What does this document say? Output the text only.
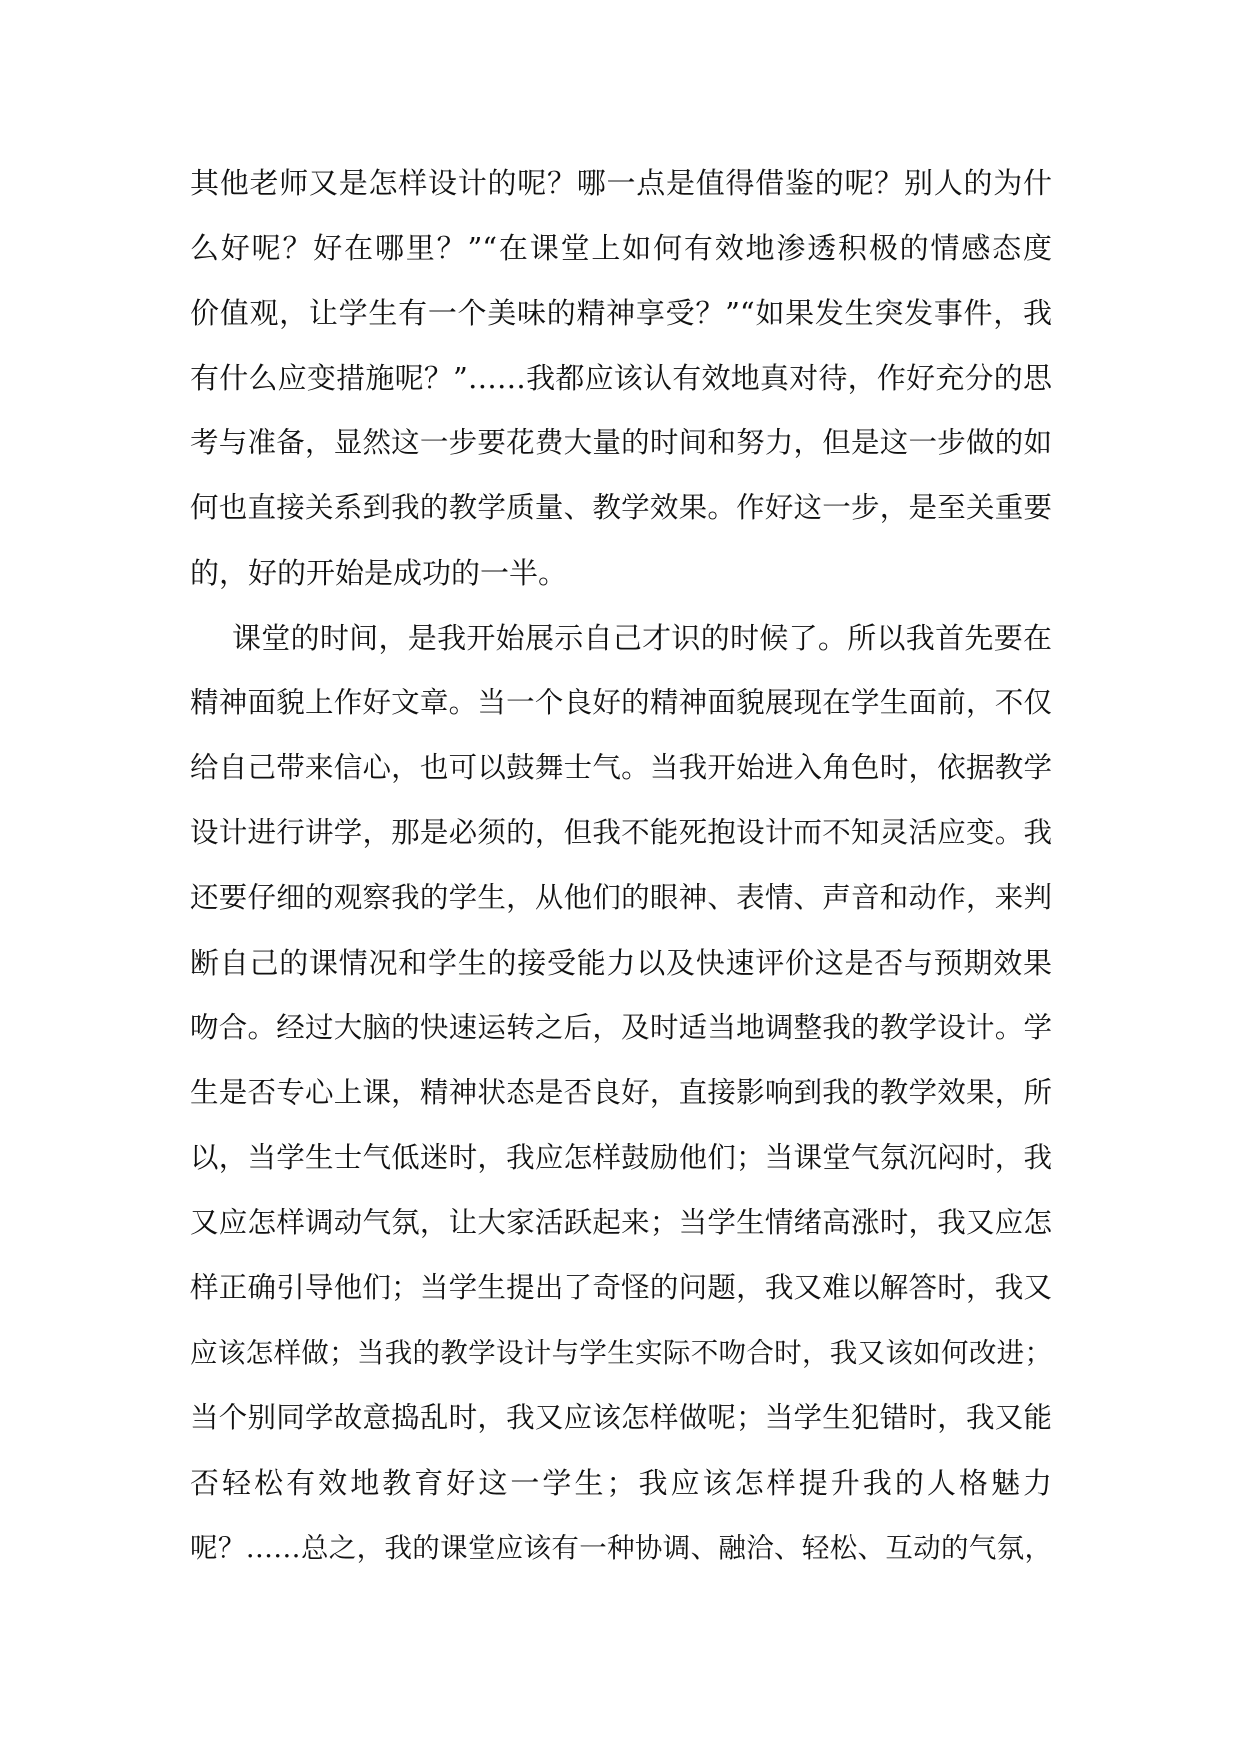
其他老师又是怎样设计的呢？哪一点是值得借鉴的呢？别人的为什
么好呢？好在哪里？”“在课堂上如何有效地渗透积极的情感态度
价值观，让学生有一个美味的精神享受？”“如果发生突发事件，我
有什么应变措施呢？”……我都应该认有效地真对待，作好充分的思
考与准备，显然这一步要花费大量的时间和努力，但是这一步做的如
何也直接关系到我的教学质量、教学效果。作好这一步，是至关重要
的，好的开始是成功的一半。
课堂的时间，是我开始展示自己才识的时候了。所以我首先要在
精神面貌上作好文章。当一个良好的精神面貌展现在学生面前，不仅
给自己带来信心，也可以鼓舞士气。当我开始进入角色时，依据教学
设计进行讲学，那是必须的，但我不能死抱设计而不知灵活应变。我
还要仔细的观察我的学生，从他们的眼神、表情、声音和动作，来判
断自己的课情况和学生的接受能力以及快速评价这是否与预期效果
吻合。经过大脑的快速运转之后，及时适当地调整我的教学设计。学
生是否专心上课，精神状态是否良好，直接影响到我的教学效果，所
以，当学生士气低迷时，我应怎样鼓励他们；当课堂气氛沉闷时，我
又应怎样调动气氛，让大家活跃起来；当学生情绪高涨时，我又应怎
样正确引导他们；当学生提出了奇怪的问题，我又难以解答时，我又
应该怎样做；当我的教学设计与学生实际不吻合时，我又该如何改进；
当个别同学故意捣乱时，我又应该怎样做呢；当学生犯错时，我又能
否轻松有效地教育好这一学生；我应该怎样提升我的人格魅力
呢？……总之，我的课堂应该有一种协调、融洽、轻松、互动的气氛，
